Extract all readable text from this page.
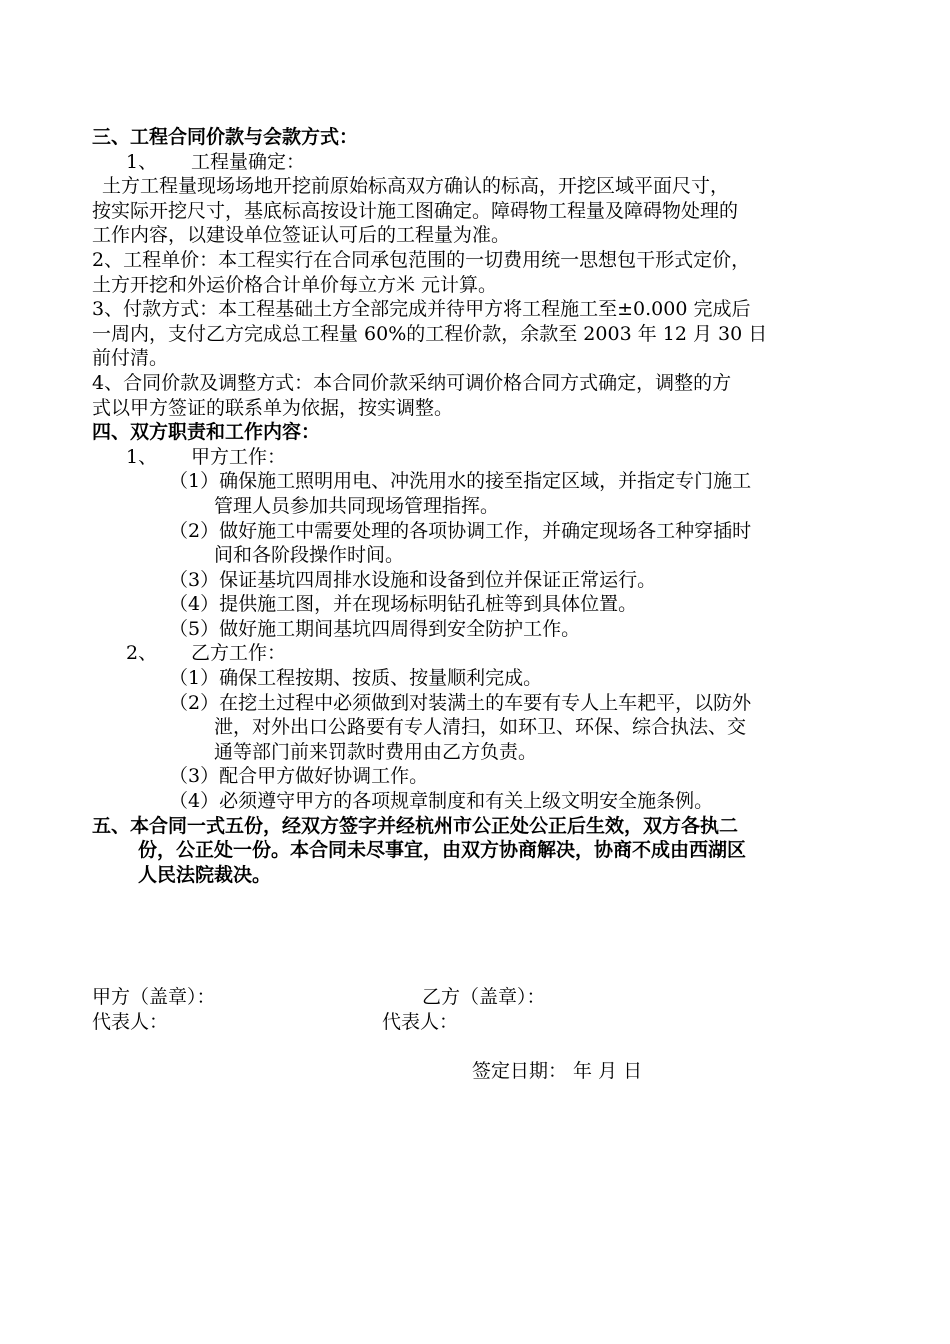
三、工程合同价款与会款方式：
1、 工程量确定：
土方工程量现场场地开挖前原始标高双方确认的标高，开挖区域平面尺寸，
按实际开挖尺寸，基底标高按设计施工图确定。障碍物工程量及障碍物处理的
工作内容，以建设单位签证认可后的工程量为准。
2、工程单价：本工程实行在合同承包范围的一切费用统一思想包干形式定价，
土方开挖和外运价格合计单价每立方米 元计算。
3、付款方式：本工程基础土方全部完成并待甲方将工程施工至±0.000 完成后
一周内，支付乙方完成总工程量 60%的工程价款，余款至 2003 年 12 月 30 日
前付清。
4、合同价款及调整方式：本合同价款采纳可调价格合同方式确定，调整的方
式以甲方签证的联系单为依据，按实调整。
四、双方职责和工作内容：
1、 甲方工作：
（1）确保施工照明用电、冲洗用水的接至指定区域，并指定专门施工
管理人员参加共同现场管理指挥。
（2）做好施工中需要处理的各项协调工作，并确定现场各工种穿插时
间和各阶段操作时间。
（3）保证基坑四周排水设施和设备到位并保证正常运行。
（4）提供施工图，并在现场标明钻孔桩等到具体位置。
（5）做好施工期间基坑四周得到安全防护工作。
2、 乙方工作：
（1）确保工程按期、按质、按量顺利完成。
（2）在挖土过程中必须做到对装满土的车要有专人上车耙平，以防外
泄，对外出口公路要有专人清扫，如环卫、环保、综合执法、交
通等部门前来罚款时费用由乙方负责。
（3）配合甲方做好协调工作。
（4）必须遵守甲方的各项规章制度和有关上级文明安全施条例。
五、本合同一式五份，经双方签字并经杭州市公正处公正后生效，双方各执二
份，公正处一份。本合同未尽事宜，由双方协商解决，协商不成由西湖区
人民法院裁决。
甲方（盖章）：	乙方（盖章）：
代表人：	代表人：
签定日期： 年 月 日
